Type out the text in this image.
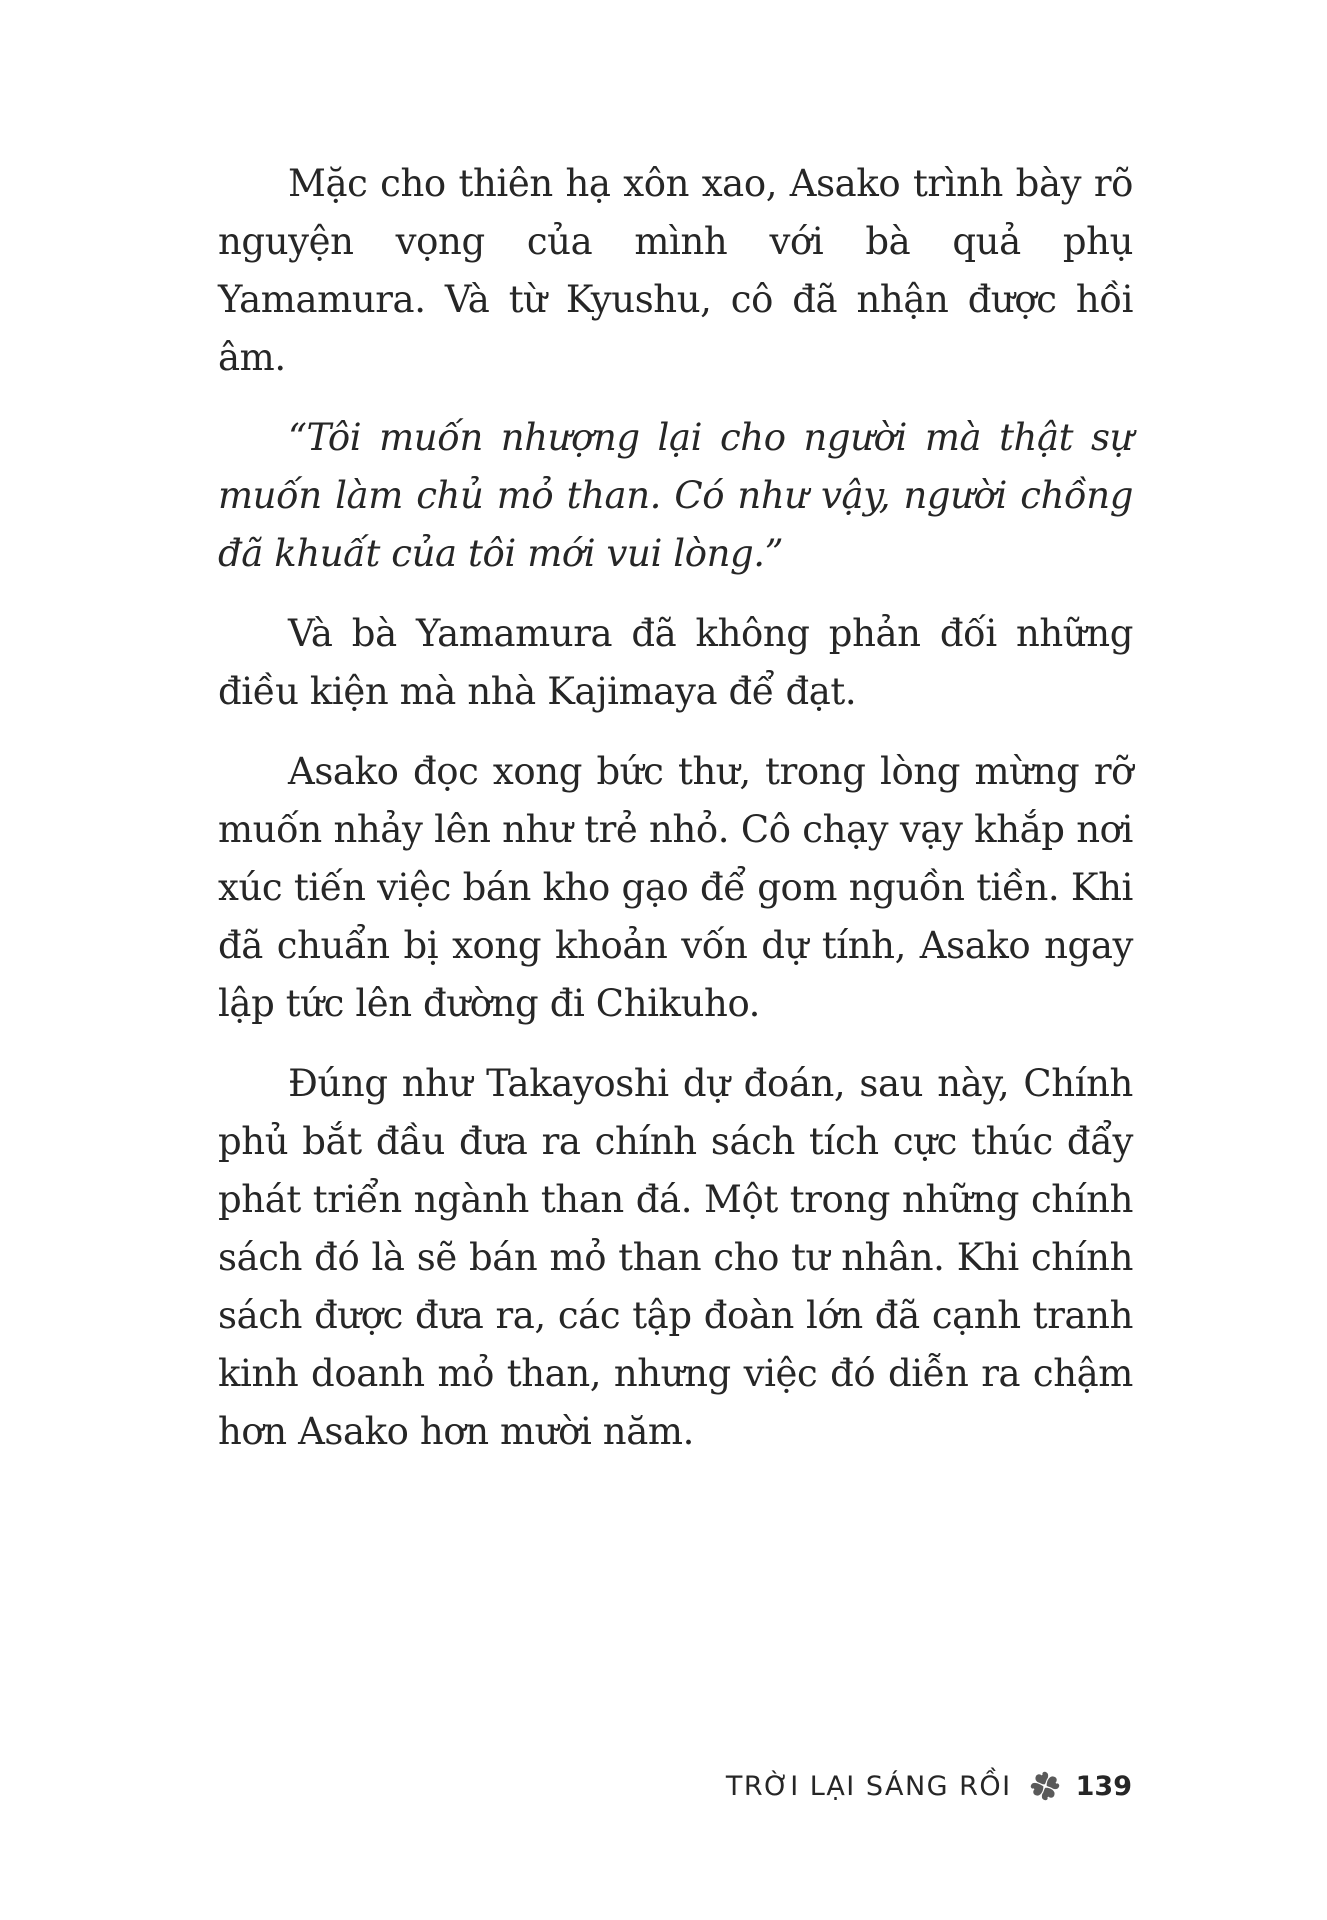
Mặc cho thiên hạ xôn xao, Asako trình bày rõ nguyện vọng của mình với bà quả phụ Yamamura. Và từ Kyushu, cô đã nhận được hồi âm.

“Tôi muốn nhượng lại cho người mà thật sự muốn làm chủ mỏ than. Có như vậy, người chồng đã khuất của tôi mới vui lòng.”

Và bà Yamamura đã không phản đối những điều kiện mà nhà Kajimaya để đạt.

Asako đọc xong bức thư, trong lòng mừng rỡ muốn nhảy lên như trẻ nhỏ. Cô chạy vạy khắp nơi xúc tiến việc bán kho gạo để gom nguồn tiền. Khi đã chuẩn bị xong khoản vốn dự tính, Asako ngay lập tức lên đường đi Chikuho.

Đúng như Takayoshi dự đoán, sau này, Chính phủ bắt đầu đưa ra chính sách tích cực thúc đẩy phát triển ngành than đá. Một trong những chính sách đó là sẽ bán mỏ than cho tư nhân. Khi chính sách được đưa ra, các tập đoàn lớn đã cạnh tranh kinh doanh mỏ than, nhưng việc đó diễn ra chậm hơn Asako hơn mười năm.

TRỜI LẠI SÁNG RỒI 139
